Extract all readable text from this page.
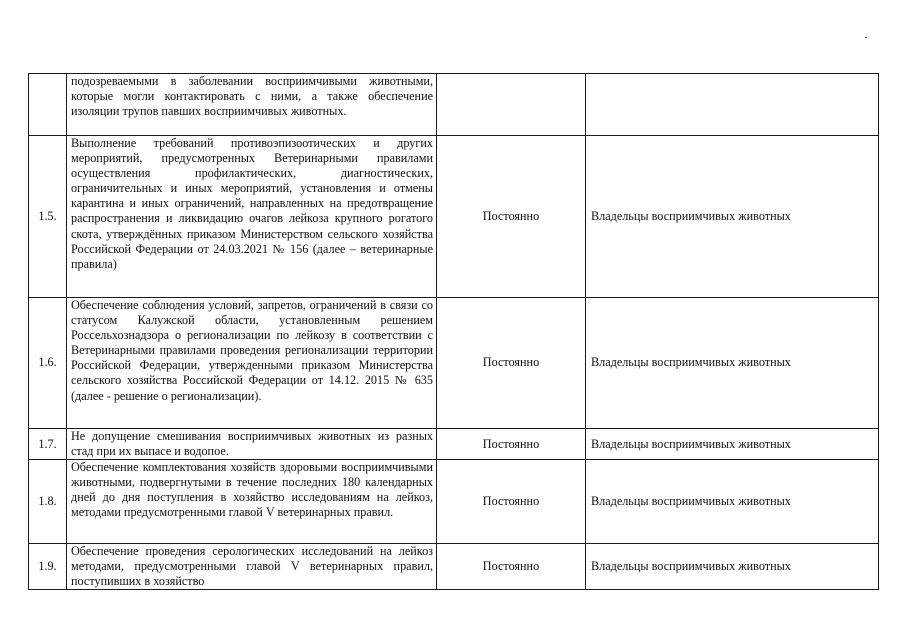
	подозреваемыми в заболевании восприимчивыми животными, которые могли контактировать с ними, а также обеспечение изоляции трупов павших восприимчивых животных.		

1.5.	Выполнение требований противоэпизоотических и других мероприятий, предусмотренных Ветеринарными правилами осуществления профилактических, диагностических, ограничительных и иных мероприятий, установления и отмены карантина и иных ограничений, направленных на предотвращение распространения и ликвидацию очагов лейкоза крупного рогатого скота, утверждённых приказом Министерством сельского хозяйства Российской Федерации от 24.03.2021 № 156 (далее – ветеринарные правила)	Постоянно	Владельцы восприимчивых животных
1.6.	Обеспечение соблюдения условий, запретов, ограничений в связи со статусом Калужской области, установленным решением Россельхознадзора о регионализации по лейкозу в соответствии с Ветеринарными правилами проведения регионализации территории Российской Федерации, утвержденными приказом Министерства сельского хозяйства Российской Федерации от 14.12. 2015 № 635 (далее - решение о регионализации).	Постоянно	Владельцы восприимчивых животных
1.7.	Не допущение смешивания восприимчивых животных из разных стад при их выпасе и водопое.	Постоянно	Владельцы восприимчивых животных
1.8.	Обеспечение комплектования хозяйств здоровыми восприимчивыми животными, подвергнутыми в течение последних 180 календарных дней до дня поступления в хозяйство исследованиям на лейкоз, методами предусмотренными главой V ветеринарных правил.	Постоянно	Владельцы восприимчивых животных
1.9.	Обеспечение проведения серологических исследований на лейкоз методами, предусмотренными главой V ветеринарных правил, поступивших в хозяйство	Постоянно	Владельцы восприимчивых животных
